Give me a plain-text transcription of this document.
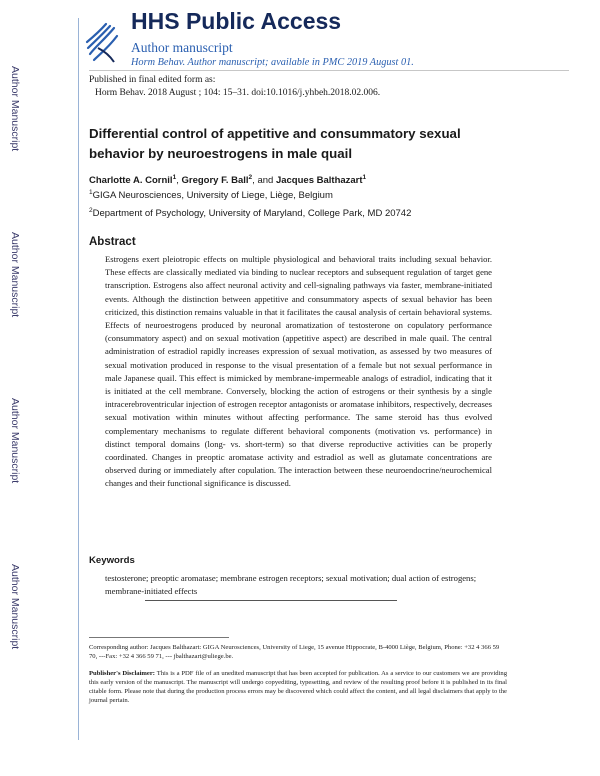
Author Manuscript
Author Manuscript
Author Manuscript
Author Manuscript
HHS Public Access
Author manuscript
Horm Behav. Author manuscript; available in PMC 2019 August 01.
Published in final edited form as:
Horm Behav. 2018 August ; 104: 15–31. doi:10.1016/j.yhbeh.2018.02.006.
Differential control of appetitive and consummatory sexual behavior by neuroestrogens in male quail
Charlotte A. Cornil$^1$, Gregory F. Ball$^2$, and Jacques Balthazart$^1$
$^1$GIGA Neurosciences, University of Liege, Liège, Belgium
$^2$Department of Psychology, University of Maryland, College Park, MD 20742
Abstract
Estrogens exert pleiotropic effects on multiple physiological and behavioral traits including sexual behavior. These effects are classically mediated via binding to nuclear receptors and subsequent regulation of target gene transcription. Estrogens also affect neuronal activity and cell-signaling pathways via faster, membrane-initiated events. Although the distinction between appetitive and consummatory aspects of sexual behavior has been criticized, this distinction remains valuable in that it facilitates the causal analysis of certain behavioral systems. Effects of neuroestrogens produced by neuronal aromatization of testosterone on copulatory performance (consummatory aspect) and on sexual motivation (appetitive aspect) are described in male quail. The central administration of estradiol rapidly increases expression of sexual motivation, as assessed by two measures of sexual motivation produced in response to the visual presentation of a female but not sexual performance in male Japanese quail. This effect is mimicked by membrane-impermeable analogs of estradiol, indicating that it is initiated at the cell membrane. Conversely, blocking the action of estrogens or their synthesis by a single intracerebroventricular injection of estrogen receptor antagonists or aromatase inhibitors, respectively, decreases sexual motivation within minutes without affecting performance. The same steroid has thus evolved complementary mechanisms to regulate different behavioral components (motivation vs. performance) in distinct temporal domains (long- vs. short-term) so that diverse reproductive activities can be properly coordinated. Changes in preoptic aromatase activity and estradiol as well as glutamate concentrations are observed during or immediately after copulation. The interaction between these neuroendocrine/neurochemical changes and their functional significance is discussed.
Keywords
testosterone; preoptic aromatase; membrane estrogen receptors; sexual motivation; dual action of estrogens; membrane-initiated effects
Corresponding author: Jacques Balthazart: GIGA Neurosciences, University of Liege, 15 avenue Hippocrate, B-4000 Liège, Belgium, Phone: +32 4 366 59 70, ---Fax: +32 4 366 59 71, --- jbalthazart@uliege.be.
Publisher's Disclaimer: This is a PDF file of an unedited manuscript that has been accepted for publication. As a service to our customers we are providing this early version of the manuscript. The manuscript will undergo copyediting, typesetting, and review of the resulting proof before it is published in its final citable form. Please note that during the production process errors may be discovered which could affect the content, and all legal disclaimers that apply to the journal pertain.
